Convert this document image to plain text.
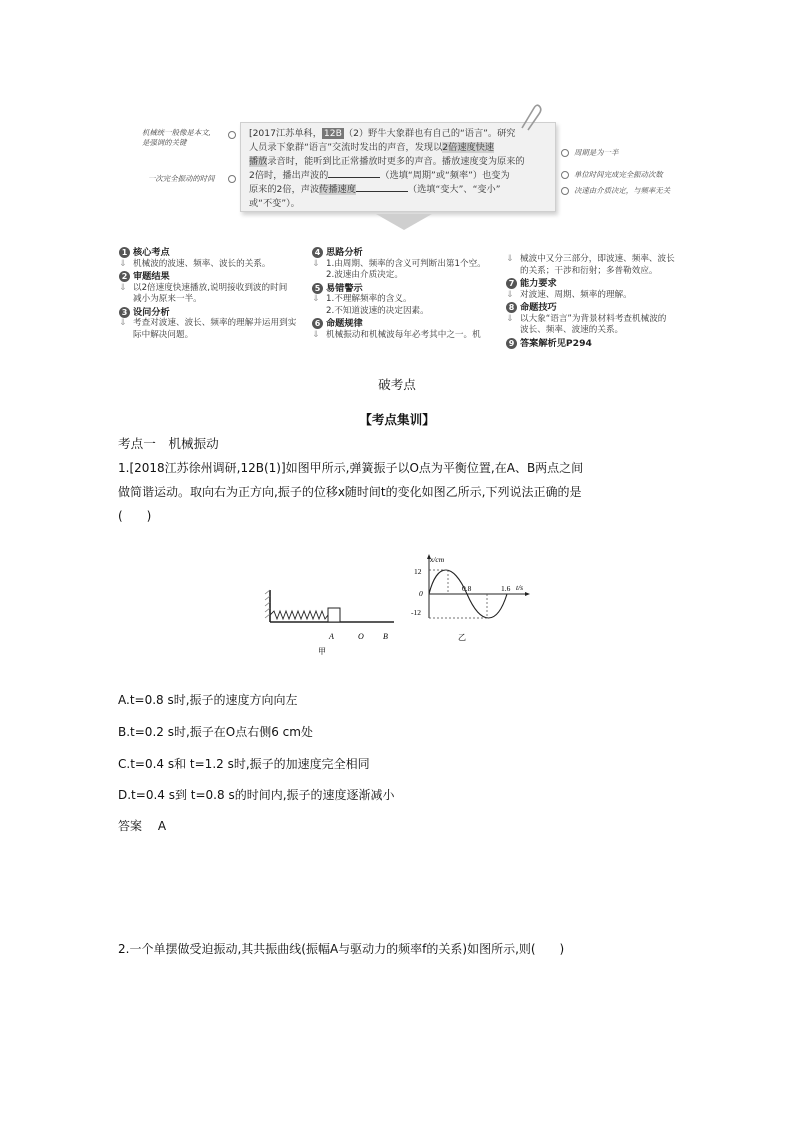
[2017江苏单科， 12B （2）野牛大象群也有自己的“语言”。研究
人员录下象群“语言”交流时发出的声音，发现以2倍速度快速
播放录音时，能听到比正常播放时更多的声音。播放速度变为原来的
2倍时，播出声波的	（选填“周期”或“频率”）也变为
原来的2倍，声波传播速度	（选填“变大”、“变小”
或“不变”）。
机械统一般像是本文,
是强调的关键
一次完全振动的时间
周期是为一半
单位时间完成完全振动次数
决速由介质决定，与频率无关
1 核心考点
⇓ 机械波的波速、频率、波长的关系。
2 审题结果
⇓ 以2倍速度快速播放,说明接收到波的时间
减小为原来一半。
3 设问分析
⇓ 考查对波速、波长、频率的理解并运用到实
际中解决问题。
4 思路分析
⇓ 1.由周期、频率的含义可判断出第1个空。
2.波速由介质决定。
5 易错警示
⇓ 1.不理解频率的含义。
2.不知道波速的决定因素。
6 命题规律
⇓ 机械振动和机械波每年必考其中之一。机
⇓ 械波中又分三部分，即波速、频率、波长
的关系；干涉和衍射；多普勒效应。
7 能力要求
⇓ 对波速、周期、频率的理解。
8 命题技巧
⇓ 以大象“语言”为背景材料考查机械波的
波长、频率、波速的关系。
9 答案解析见P294
破考点
【考点集训】
考点一　机械振动
1.[2018江苏徐州调研,12B(1)]如图甲所示,弹簧振子以O点为平衡位置,在A、B两点之间
做简谐运动。取向右为正方向,振子的位移x随时间t的变化如图乙所示,下列说法正确的是
(　　)
A	O B
甲
x/cm
t/s
12
0
-12
0.8	1.6
乙
A.t=0.8 s时,振子的速度方向向左
B.t=0.2 s时,振子在O点右侧6 cm处
C.t=0.4 s和 t=1.2 s时,振子的加速度完全相同
D.t=0.4 s到 t=0.8 s的时间内,振子的速度逐渐减小
答案 A
2.一个单摆做受迫振动,其共振曲线(振幅A与驱动力的频率f的关系)如图所示,则(　　)
